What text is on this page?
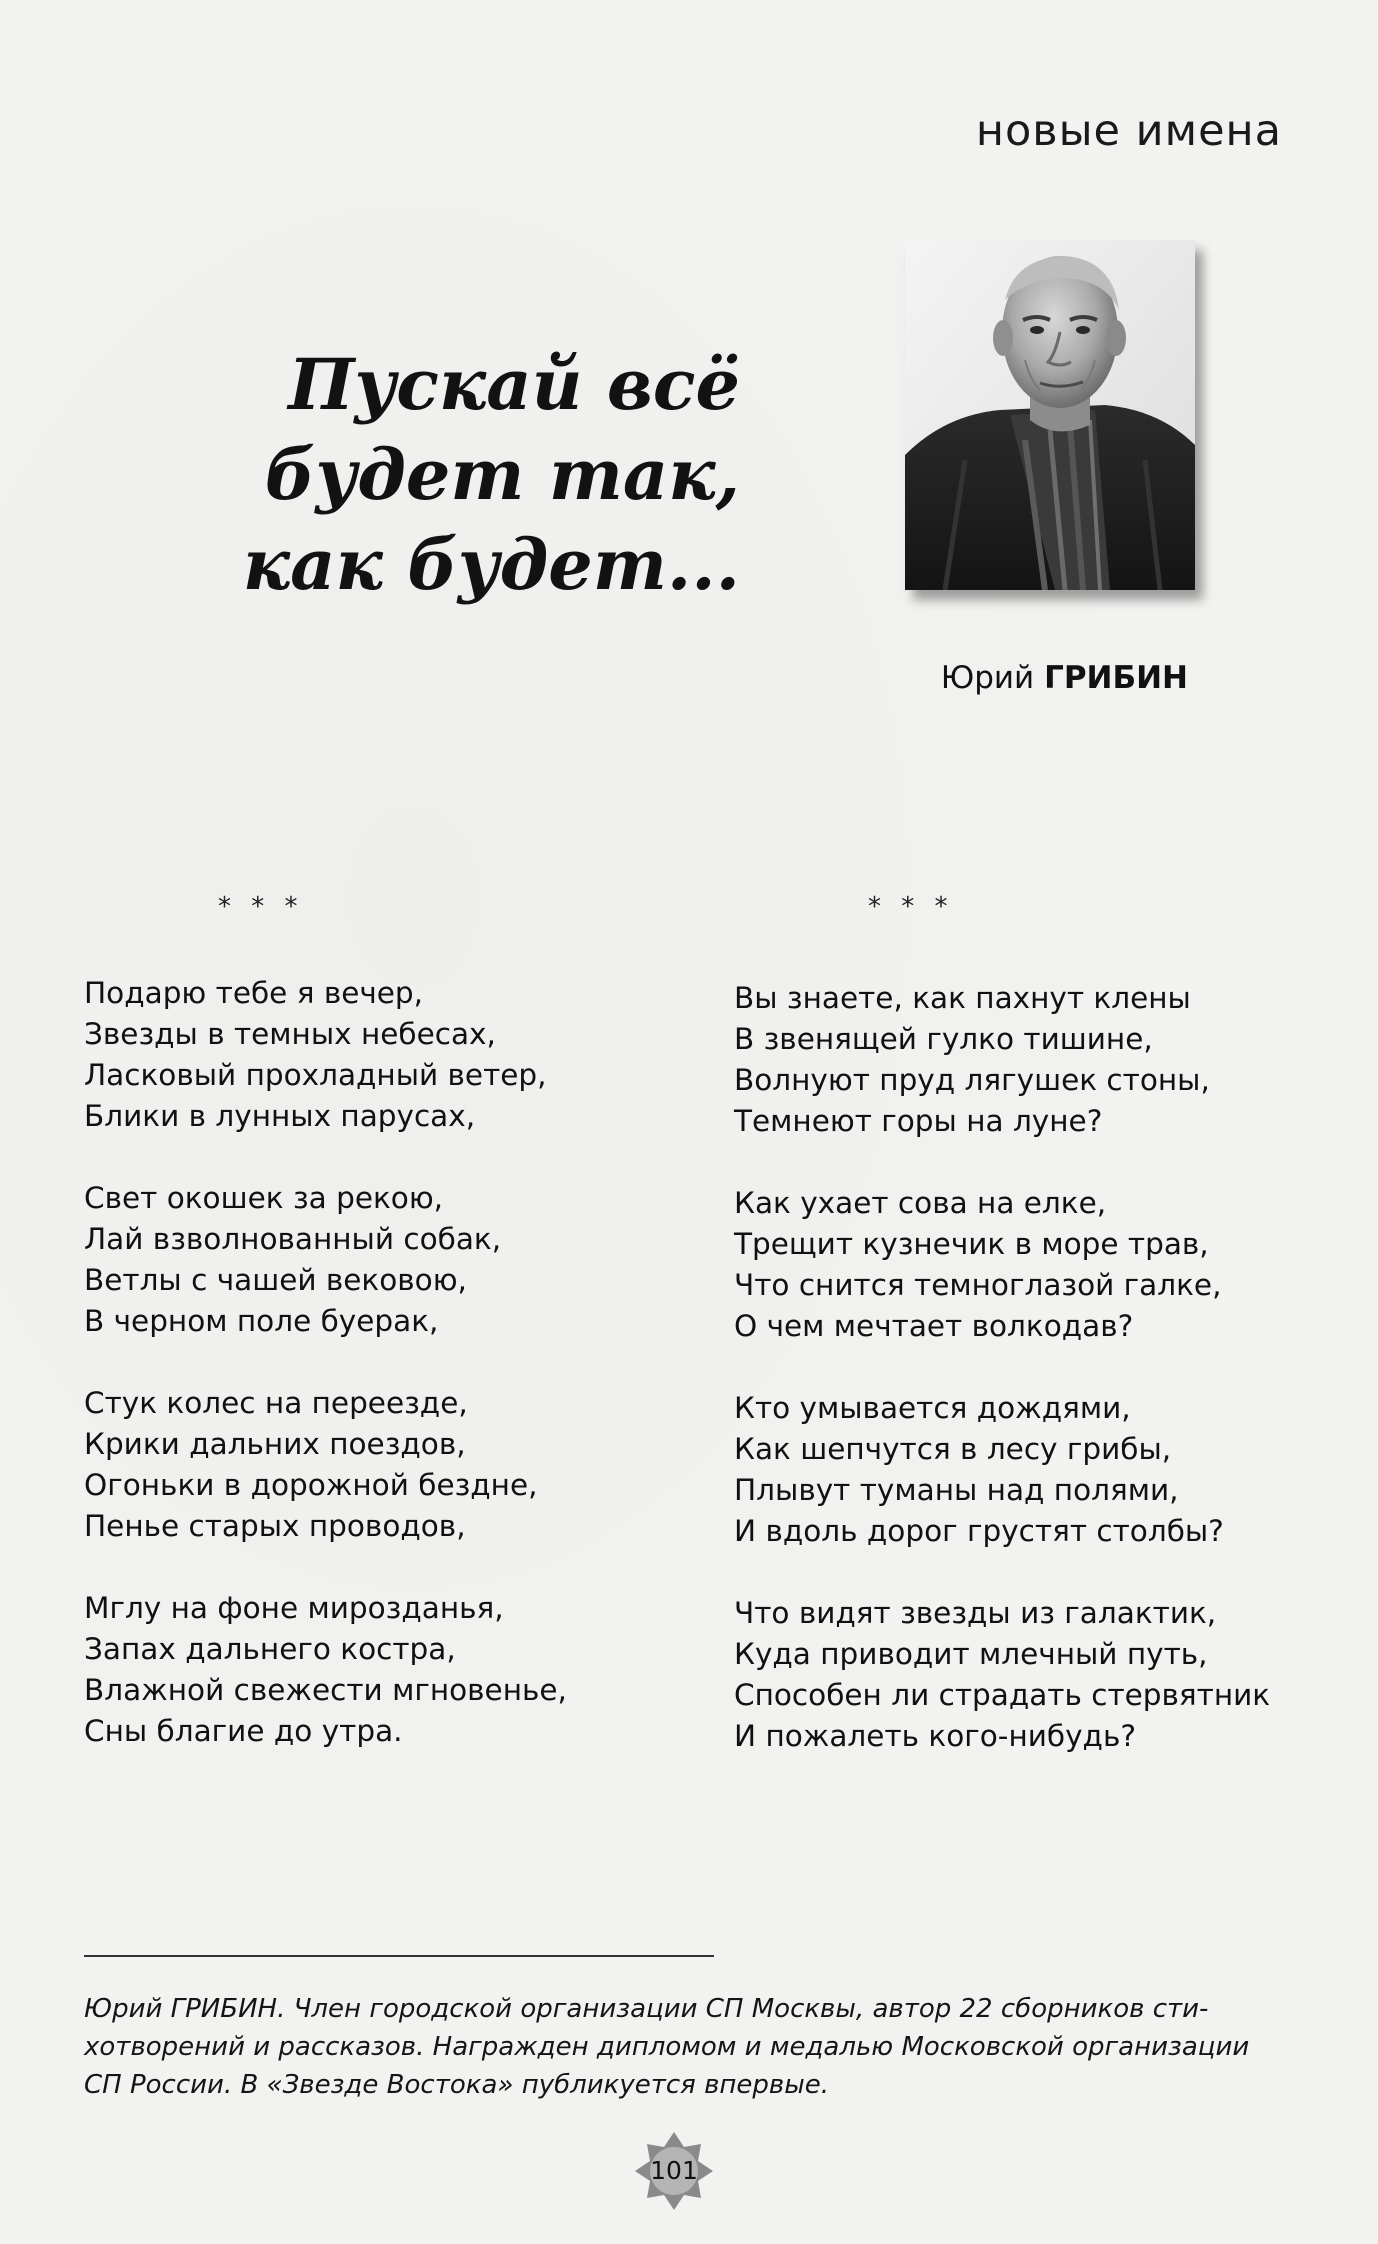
новые имена
Пускай всё
будет так,
как будет...
Юрий ГРИБИН
* * *	* * *
Подарю тебе я вечер,
Звезды в темных небесах,
Ласковый прохладный ветер,
Блики в лунных парусах,
Свет окошек за рекою,
Лай взволнованный собак,
Ветлы с чашей вековою,
В черном поле буерак,
Стук колес на переезде,
Крики дальних поездов,
Огоньки в дорожной бездне,
Пенье старых проводов,
Мглу на фоне мирозданья,
Запах дальнего костра,
Влажной свежести мгновенье,
Сны благие до утра.
Вы знаете, как пахнут клены
В звенящей гулко тишине,
Волнуют пруд лягушек стоны,
Темнеют горы на луне?
Как ухает сова на елке,
Трещит кузнечик в море трав,
Что снится темноглазой галке,
О чем мечтает волкодав?
Кто умывается дождями,
Как шепчутся в лесу грибы,
Плывут туманы над полями,
И вдоль дорог грустят столбы?
Что видят звезды из галактик,
Куда приводит млечный путь,
Способен ли страдать стервятник
И пожалеть кого-нибудь?

Юрий ГРИБИН. Член городской организации СП Москвы, автор 22 сборников сти-

хотворений и рассказов. Награжден дипломом и медалью Московской организации

СП России. В «Звезде Востока» публикуется впервые.

101
